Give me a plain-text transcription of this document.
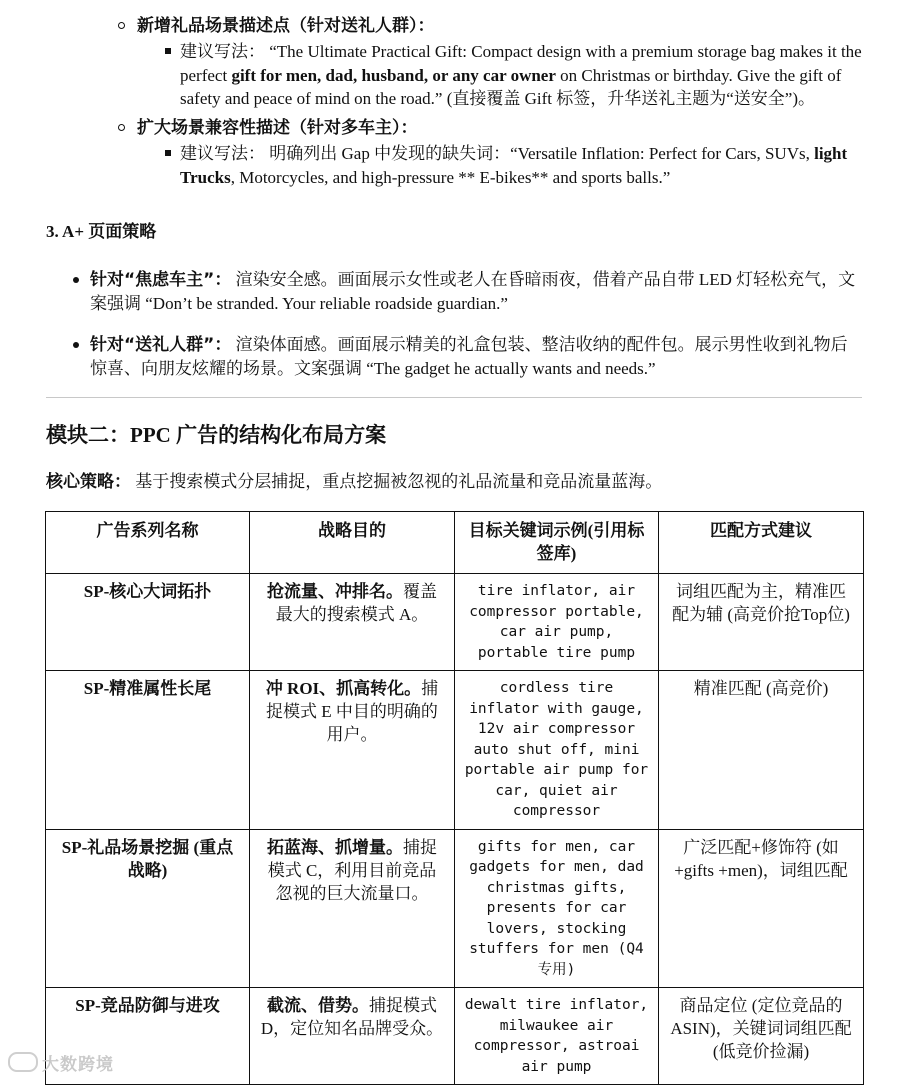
新增礼品场景描述点（针对送礼人群）：
建议写法： “The Ultimate Practical Gift: Compact design with a premium storage bag makes it the perfect gift for men, dad, husband, or any car owner on Christmas or birthday. Give the gift of safety and peace of mind on the road.” (直接覆盖 Gift 标签，升华送礼主题为“送安全”)。
扩大场景兼容性描述（针对多车主）：
建议写法： 明确列出 Gap 中发现的缺失词：“Versatile Inflation: Perfect for Cars, SUVs, light Trucks, Motorcycles, and high-pressure ** E-bikes** and sports balls.”
3. A+ 页面策略
针对“焦虑车主”： 渲染安全感。画面展示女性或老人在昏暗雨夜，借着产品自带 LED 灯轻松充气，文案强调 “Don’t be stranded. Your reliable roadside guardian.”
针对“送礼人群”： 渲染体面感。画面展示精美的礼盒包装、整洁收纳的配件包。展示男性收到礼物后惊喜、向朋友炫耀的场景。文案强调 “The gadget he actually wants and needs.”
模块二：PPC 广告的结构化布局方案
核心策略： 基于搜索模式分层捕捉，重点挖掘被忽视的礼品流量和竞品流量蓝海。
广告系列名称	战略目的	目标关键词示例(引用标签库)	匹配方式建议
SP-核心大词拓扑	抢流量、冲排名。覆盖最大的搜索模式 A。	tire inflator, air compressor portable, car air pump, portable tire pump	词组匹配为主，精准匹配为辅 (高竞价抢Top位)
SP-精准属性长尾	冲 ROI、抓高转化。捕捉模式 E 中目的明确的用户。	cordless tire inflator with gauge, 12v air compressor auto shut off, mini portable air pump for car, quiet air compressor	精准匹配 (高竞价)
SP-礼品场景挖掘 (重点战略)	拓蓝海、抓增量。捕捉模式 C，利用目前竞品忽视的巨大流量口。	gifts for men, car gadgets for men, dad christmas gifts, presents for car lovers, stocking stuffers for men (Q4 专用)	广泛匹配+修饰符 (如 +gifts +men)，词组匹配
SP-竞品防御与进攻	截流、借势。捕捉模式 D，定位知名品牌受众。	dewalt tire inflator, milwaukee air compressor, astroai air pump	商品定位 (定位竞品的 ASIN)，关键词词组匹配 (低竞价捡漏)
大数跨境
